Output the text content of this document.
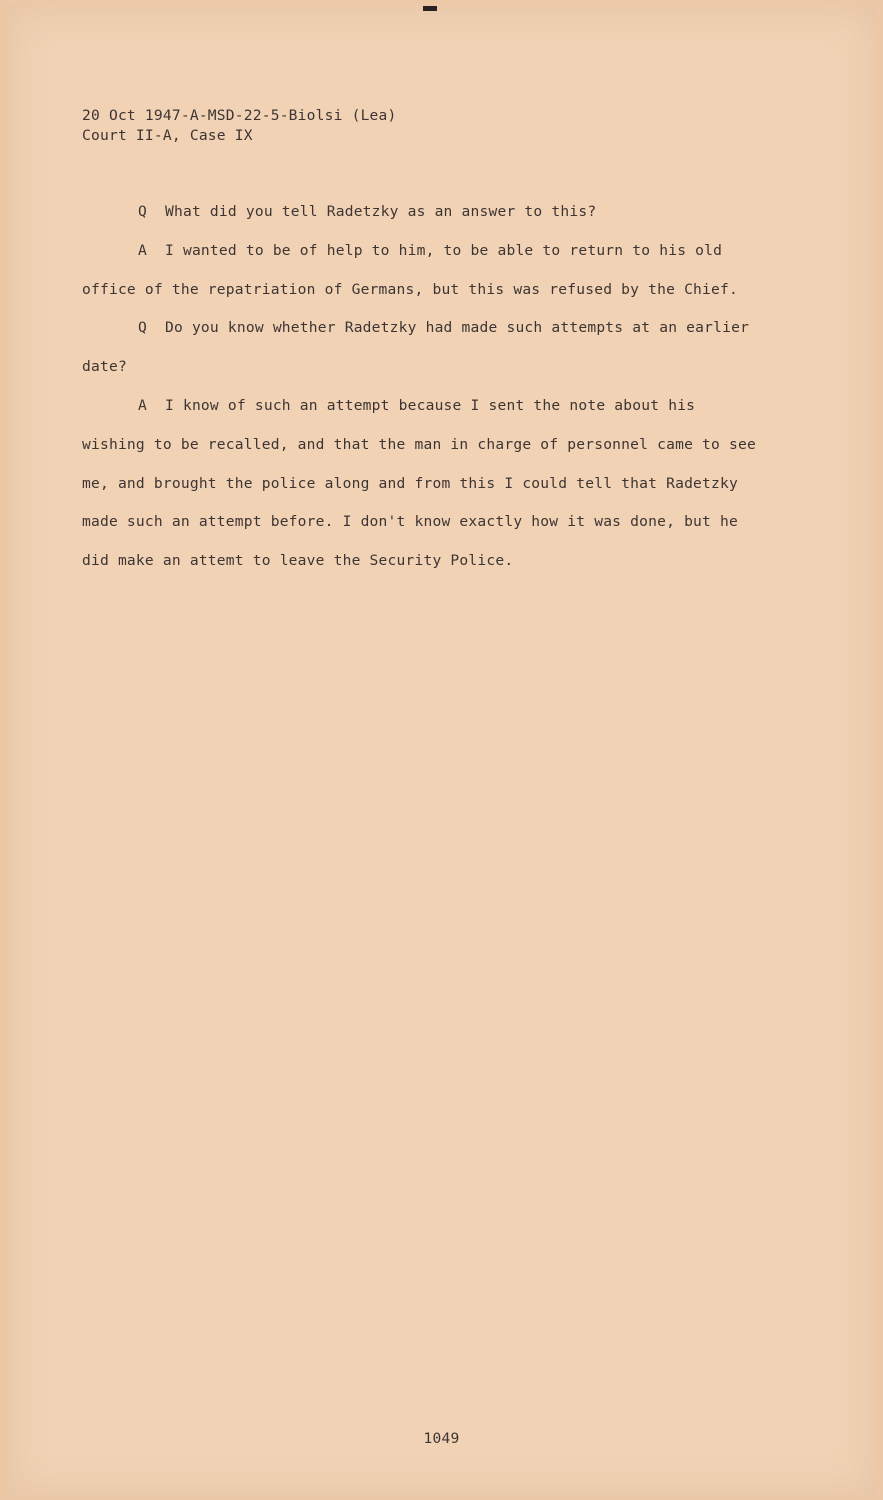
20 Oct 1947-A-MSD-22-5-Biolsi (Lea)
Court II-A, Case IX

Q What did you tell Radetzky as an answer to this?

A I wanted to be of help to him, to be able to return to his old office of the repatriation of Germans, but this was refused by the Chief.

Q Do you know whether Radetzky had made such attempts at an earlier date?

A I know of such an attempt because I sent the note about his wishing to be recalled, and that the man in charge of personnel came to see me, and brought the police along and from this I could tell that Radetzky made such an attempt before. I don't know exactly how it was done, but he did make an attemt to leave the Security Police.

1049
